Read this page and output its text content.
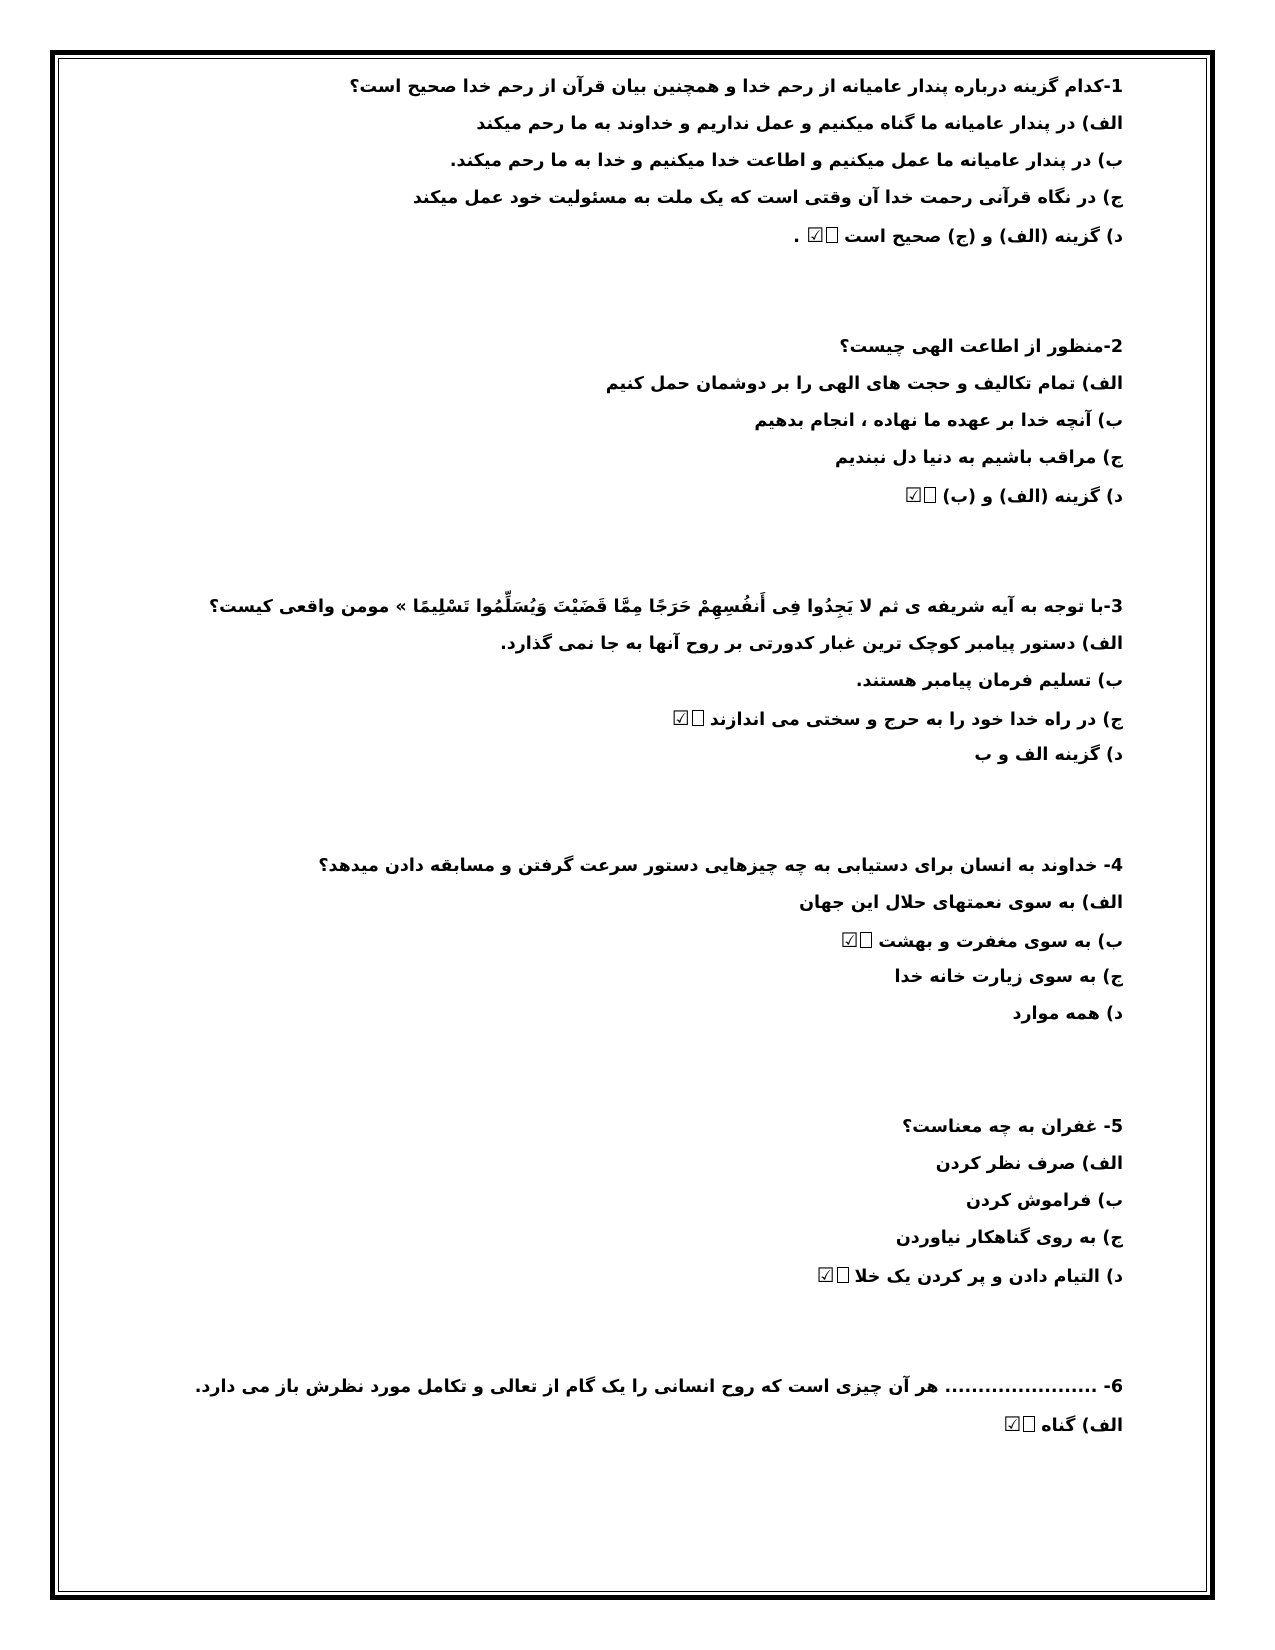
1-کدام گزینه درباره پندار عامیانه از رحم خدا و همچنین بیان قرآن از رحم خدا صحیح است؟
الف) در پندار عامیانه ما گناه میکنیم و عمل نداریم و خداوند به ما رحم میکند
ب) در پندار عامیانه ما عمل میکنیم و اطاعت خدا میکنیم و خدا به ما رحم میکند.
ج) در نگاه قرآنی رحمت خدا آن وقتی است که یک ملت به مسئولیت خود عمل میکند
د) گزینه (الف) و (ج) صحیح است☑ .
2-منظور از اطاعت الهی چیست؟
الف) تمام تکالیف و حجت های الهی را بر دوشمان حمل کنیم
ب) آنچه خدا بر عهده ما نهاده ، انجام بدهیم
ج) مراقب باشیم به دنیا دل نبندیم
د) گزینه (الف) و (ب)☑
3-با توجه به آیه شریفه ی ثم لا یَجِدُوا فِی أَنفُسِهِمْ حَرَجًا مِمَّا قَضَيْتَ وَيُسَلِّمُوا تَسْلِيمًا » مومن واقعی کیست؟
الف) دستور پیامبر کوچک ترین غبار کدورتی بر روح آنها به جا نمی گذارد.
ب) تسلیم فرمان پیامبر هستند.
ج) در راه خدا خود را به حرج و سختی می اندازند☑
د) گزینه الف و ب
4- خداوند به انسان برای دستیابی به چه چیزهایی دستور سرعت گرفتن و مسابقه دادن میدهد؟
الف) به سوی نعمتهای حلال این جهان
ب) به سوی مغفرت و بهشت☑
ج) به سوی زیارت خانه خدا
د) همه موارد
5- غفران به چه معناست؟
الف) صرف نظر کردن
ب) فراموش کردن
ج) به روی گناهکار نیاوردن
د) التیام دادن و پر کردن یک خلا☑
6- ....................... هر آن چیزی است که روح انسانی را یک گام از تعالی و تکامل مورد نظرش باز می دارد.
الف) گناه☑
